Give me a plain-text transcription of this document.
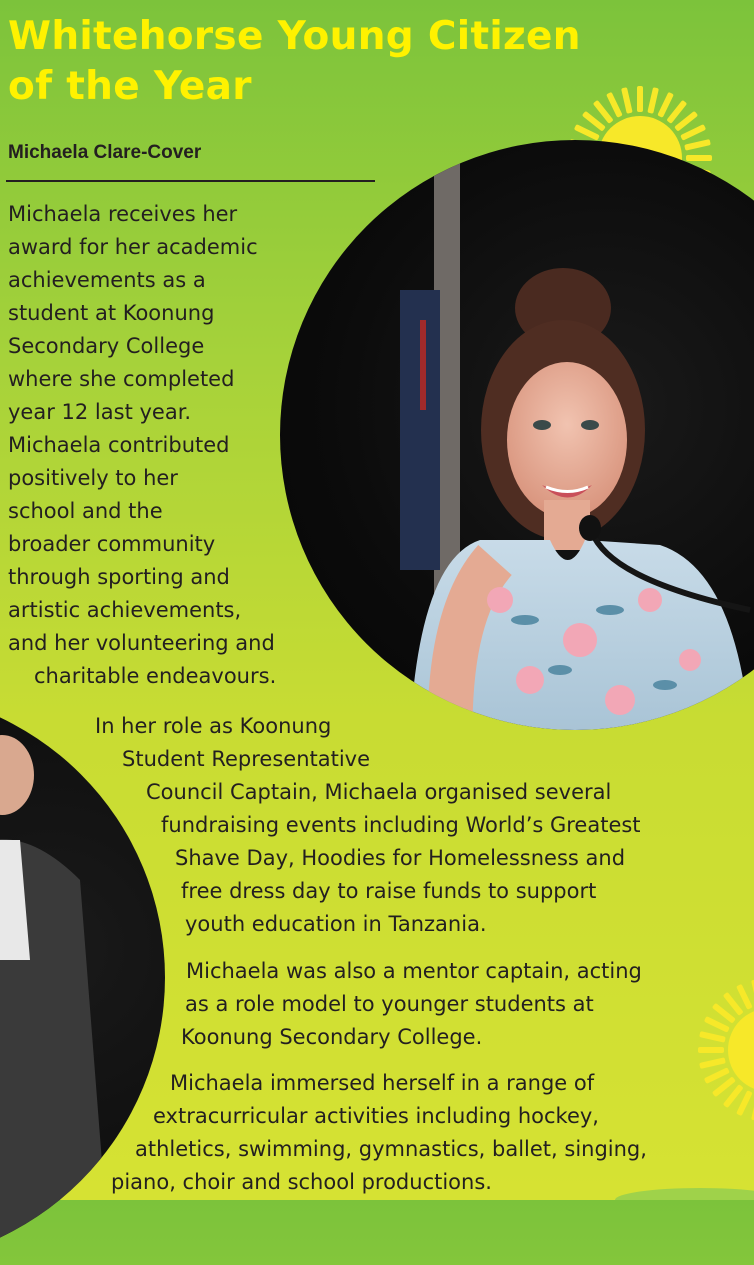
Whitehorse Young Citizen
of the Year
Michaela Clare-Cover
Michaela receives her
award for her academic
achievements as a
student at Koonung
Secondary College
where she completed
year 12 last year.
Michaela contributed
positively to her
school and the
broader community
through sporting and
artistic achievements,
and her volunteering and
charitable endeavours.
In her role as Koonung
Student Representative
Council Captain, Michaela organised several
fundraising events including World’s Greatest
Shave Day, Hoodies for Homelessness and
free dress day to raise funds to support
youth education in Tanzania.
Michaela was also a mentor captain, acting
as a role model to younger students at
Koonung Secondary College.
Michaela immersed herself in a range of
extracurricular activities including hockey,
athletics, swimming, gymnastics, ballet, singing,
piano, choir and school productions.
